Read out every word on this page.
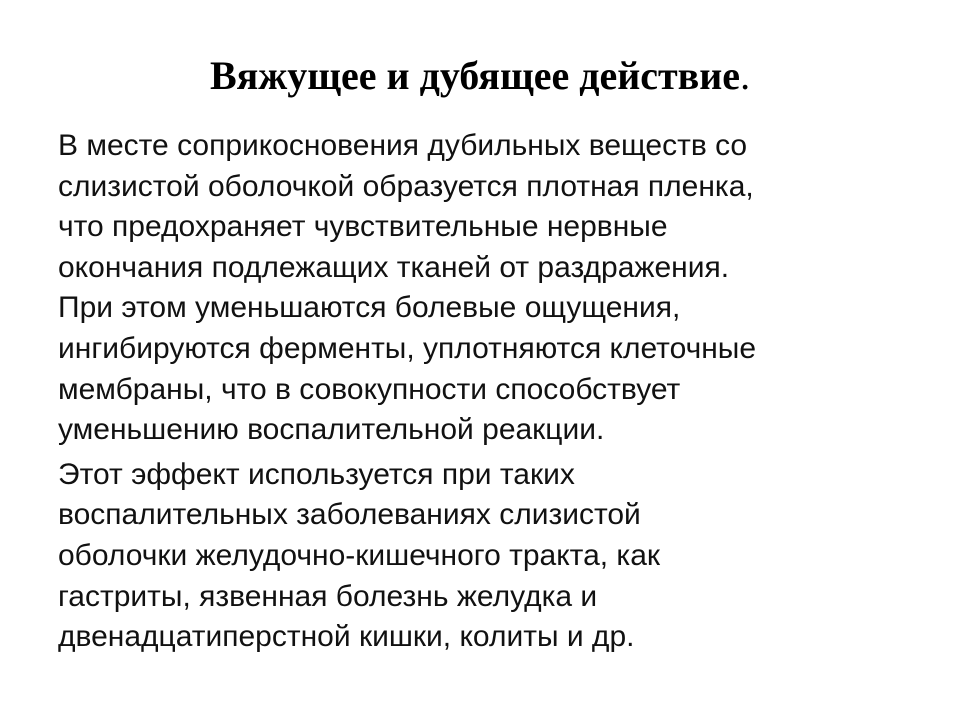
Вяжущее и дубящее действие.

В месте соприкосновения дубильных веществ со
слизистой оболочкой образуется плотная пленка,
что предохраняет чувствительные нервные
окончания подлежащих тканей от раздражения.
При этом уменьшаются болевые ощущения,
ингибируются ферменты, уплотняются клеточные
мембраны, что в совокупности способствует
уменьшению воспалительной реакции.

Этот эффект используется при таких
воспалительных заболеваниях слизистой
оболочки желудочно-кишечного тракта, как
гастриты, язвенная болезнь желудка и
двенадцатиперстной кишки, колиты и др.
